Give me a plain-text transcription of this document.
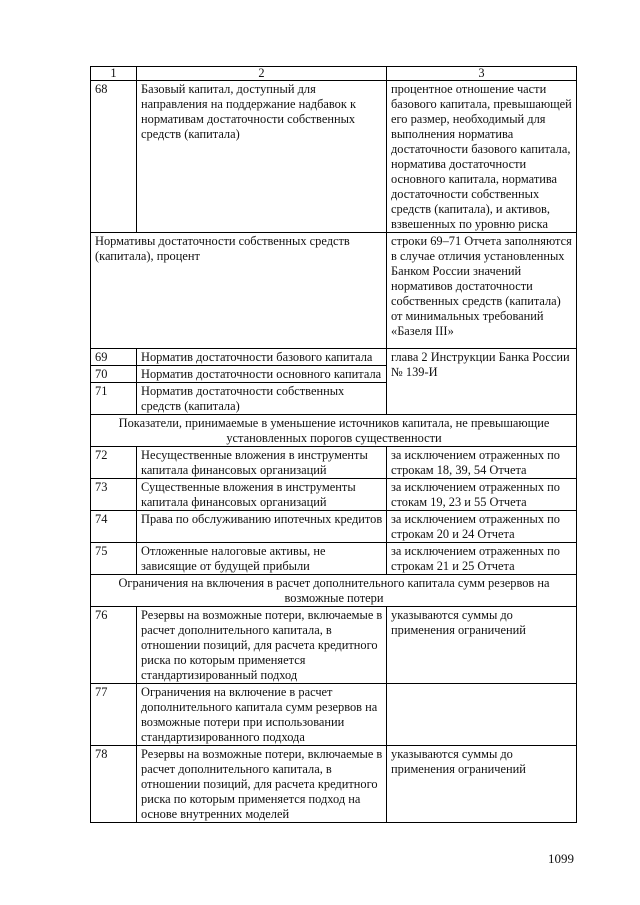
1	2	3
68	Базовый капитал, доступный для направления на поддержание надбавок к нормативам достаточности собственных средств (капитала)	процентное отношение части базового капитала, превышающей его размер, необходимый для выполнения норматива достаточности базового капитала, норматива достаточности основного капитала, норматива достаточности собственных средств (капитала), и активов, взвешенных по уровню риска
Нормативы достаточности собственных средств (капитала), процент		строки 69–71 Отчета заполняются в случае отличия установленных Банком России значений нормативов достаточности собственных средств (капитала) от минимальных требований «Базеля III»
69	Норматив достаточности базового капитала	глава 2 Инструкции Банка России № 139-И
70	Норматив достаточности основного капитала	
71	Норматив достаточности собственных средств (капитала)	
Показатели, принимаемые в уменьшение источников капитала, не превышающие установленных порогов существенности		
72	Несущественные вложения в инструменты капитала финансовых организаций	за исключением отраженных по строкам 18, 39, 54 Отчета
73	Существенные вложения в инструменты капитала финансовых организаций	за исключением отраженных по стокам 19, 23 и 55 Отчета
74	Права по обслуживанию ипотечных кредитов	за исключением отраженных по строкам 20 и 24 Отчета
75	Отложенные налоговые активы, не зависящие от будущей прибыли	за исключением отраженных по строкам 21 и 25 Отчета
Ограничения на включения в расчет дополнительного капитала сумм резервов на возможные потери		
76	Резервы на возможные потери, включаемые в расчет дополнительного капитала, в отношении позиций, для расчета кредитного риска по которым применяется стандартизированный подход	указываются суммы до применения ограничений
77	Ограничения на включение в расчет дополнительного капитала сумм резервов на возможные потери при использовании стандартизированного подхода	
78	Резервы на возможные потери, включаемые в расчет дополнительного капитала, в отношении позиций, для расчета кредитного риска по которым применяется подход на основе внутренних моделей	указываются суммы до применения ограничений
1099
